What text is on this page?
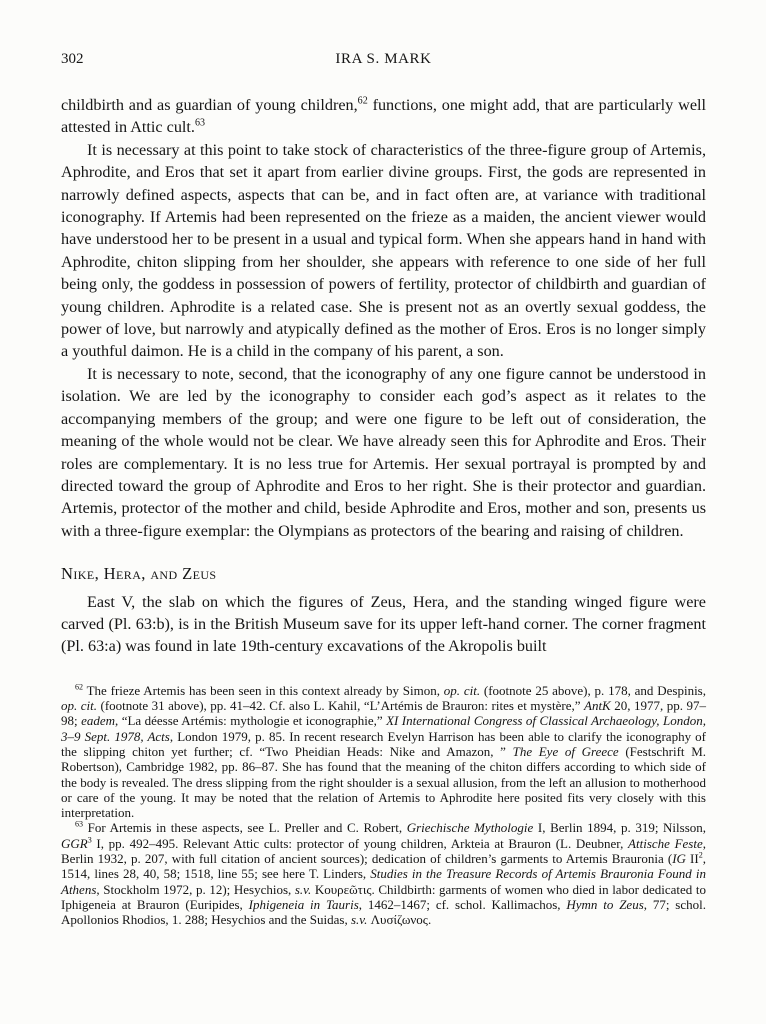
302	IRA S. MARK

childbirth and as guardian of young children,$^{62}$ functions, one might add, that are particularly well attested in Attic cult.$^{63}$

It is necessary at this point to take stock of characteristics of the three-figure group of Artemis, Aphrodite, and Eros that set it apart from earlier divine groups. First, the gods are represented in narrowly defined aspects, aspects that can be, and in fact often are, at variance with traditional iconography. If Artemis had been represented on the frieze as a maiden, the ancient viewer would have understood her to be present in a usual and typical form. When she appears hand in hand with Aphrodite, chiton slipping from her shoulder, she appears with reference to one side of her full being only, the goddess in possession of powers of fertility, protector of childbirth and guardian of young children. Aphrodite is a related case. She is present not as an overtly sexual goddess, the power of love, but narrowly and atypically defined as the mother of Eros. Eros is no longer simply a youthful daimon. He is a child in the company of his parent, a son.

It is necessary to note, second, that the iconography of any one figure cannot be understood in isolation. We are led by the iconography to consider each god’s aspect as it relates to the accompanying members of the group; and were one figure to be left out of consideration, the meaning of the whole would not be clear. We have already seen this for Aphrodite and Eros. Their roles are complementary. It is no less true for Artemis. Her sexual portrayal is prompted by and directed toward the group of Aphrodite and Eros to her right. She is their protector and guardian. Artemis, protector of the mother and child, beside Aphrodite and Eros, mother and son, presents us with a three-figure exemplar: the Olympians as protectors of the bearing and raising of children.

Nike, Hera, and Zeus

East V, the slab on which the figures of Zeus, Hera, and the standing winged figure were carved (Pl. 63:b), is in the British Museum save for its upper left-hand corner. The corner fragment (Pl. 63:a) was found in late 19th-century excavations of the Akropolis built

$^{62}$ The frieze Artemis has been seen in this context already by Simon, op. cit. (footnote 25 above), p. 178, and Despinis, op. cit. (footnote 31 above), pp. 41–42. Cf. also L. Kahil, “L’Artémis de Brauron: rites et mystère,” AntK 20, 1977, pp. 97–98; eadem, “La déesse Artémis: mythologie et iconographie,” XI International Congress of Classical Archaeology, London, 3–9 Sept. 1978, Acts, London 1979, p. 85. In recent research Evelyn Harrison has been able to clarify the iconography of the slipping chiton yet further; cf. “Two Pheidian Heads: Nike and Amazon, ” The Eye of Greece (Festschrift M. Robertson), Cambridge 1982, pp. 86–87. She has found that the meaning of the chiton differs according to which side of the body is revealed. The dress slipping from the right shoulder is a sexual allusion, from the left an allusion to motherhood or care of the young. It may be noted that the relation of Artemis to Aphrodite here posited fits very closely with this interpretation.

$^{63}$ For Artemis in these aspects, see L. Preller and C. Robert, Griechische Mythologie I, Berlin 1894, p. 319; Nilsson, GGR$^3$ I, pp. 492–495. Relevant Attic cults: protector of young children, Arkteia at Brauron (L. Deubner, Attische Feste, Berlin 1932, p. 207, with full citation of ancient sources); dedication of children’s garments to Artemis Brauronia (IG $II^2$, 1514, lines 28, 40, 58; 1518, line 55; see here T. Linders, Studies in the Treasure Records of Artemis Brauronia Found in Athens, Stockholm 1972, p. 12); Hesychios, s.v. Κουρεῶτις. Childbirth: garments of women who died in labor dedicated to Iphigeneia at Brauron (Euripides, Iphigeneia in Tauris, 1462–1467; cf. schol. Kallimachos, Hymn to Zeus, 77; schol. Apollonios Rhodios, 1. 288; Hesychios and the Suidas, s.v. Λυσίζωνος.
